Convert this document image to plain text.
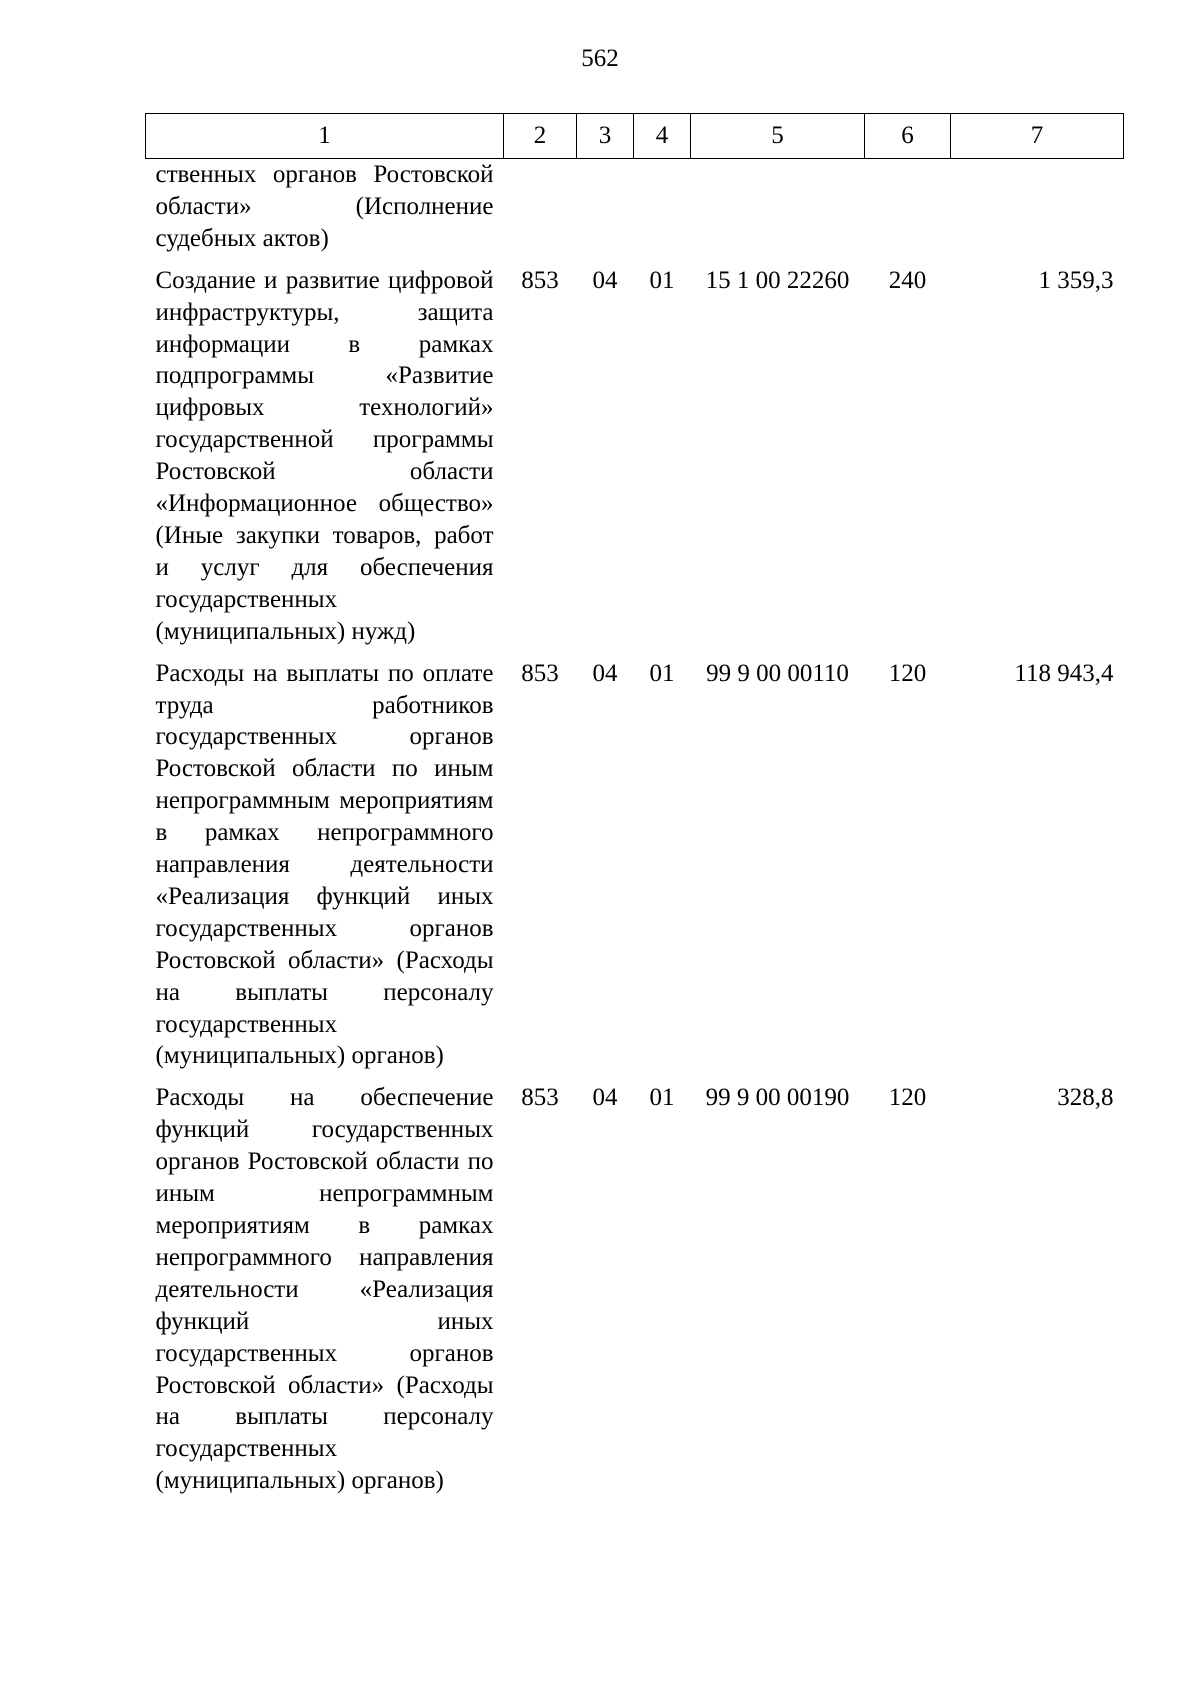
562
1	2	3	4	5	6	7

ственных органов Ростовской области» (Исполнение судебных актов)						

Создание и развитие цифровой инфраструктуры, защита информации в рамках подпрограммы «Развитие цифровых технологий» государственной программы Ростовской области «Информационное общество» (Иные закупки товаров, работ и услуг для обеспечения государственных (муниципальных) нужд)	853	04	01	15 1 00 22260	240	1 359,3

Расходы на выплаты по оплате труда работников государственных органов Ростовской области по иным непрограммным мероприятиям в рамках непрограммного направления деятельности «Реализация функций иных государственных органов Ростовской области» (Расходы на выплаты персоналу государственных (муниципальных) органов)	853	04	01	99 9 00 00110	120	118 943,4

Расходы на обеспечение функций государственных органов Ростовской области по иным непрограммным мероприятиям в рамках непрограммного направления деятельности «Реализация функций иных государственных органов Ростовской области» (Расходы на выплаты персоналу государственных (муниципальных) органов)	853	04	01	99 9 00 00190	120	328,8
